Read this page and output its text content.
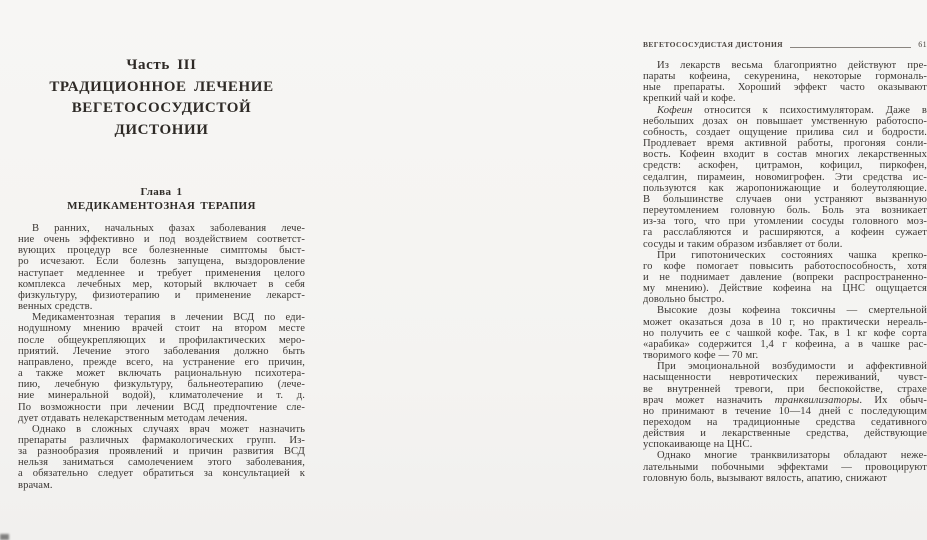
Часть III
ТРАДИЦИОННОЕ ЛЕЧЕНИЕ
ВЕГЕТОСОСУДИСТОЙ
ДИСТОНИИ
Глава 1
МЕДИКАМЕНТОЗНАЯ ТЕРАПИЯ
В ранних, начальных фазах заболевания лече-
ние очень эффективно и под воздействием соответст-
вующих процедур все болезненные симптомы быст-
ро исчезают. Если болезнь запущена, выздоровление
наступает медленнее и требует применения целого
комплекса лечебных мер, который включает в себя
физкультуру, физиотерапию и применение лекарст-
венных средств.
Медикаментозная терапия в лечении ВСД по еди-
нодушному мнению врачей стоит на втором месте
после общеукрепляющих и профилактических меро-
приятий. Лечение этого заболевания должно быть
направлено, прежде всего, на устранение его причин,
а также может включать рациональную психотера-
пию, лечебную физкультуру, бальнеотерапию (лече-
ние минеральной водой), климатолечение и т. д.
По возможности при лечении ВСД предпочтение сле-
дует отдавать нелекарственным методам лечения.
Однако в сложных случаях врач может назначить
препараты различных фармакологических групп. Из-
за разнообразия проявлений и причин развития ВСД
нельзя заниматься самолечением этого заболевания,
а обязательно следует обратиться за консультацией к
врачам.
ВЕГЕТОСОСУДИСТАЯ ДИСТОНИЯ	61
Из лекарств весьма благоприятно действуют пре-
параты кофеина, секуренина, некоторые гормональ-
ные препараты. Хороший эффект часто оказывают
крепкий чай и кофе.
Кофеин относится к психостимуляторам. Даже в
небольших дозах он повышает умственную работоспо-
собность, создает ощущение прилива сил и бодрости.
Продлевает время активной работы, прогоняя сонли-
вость. Кофеин входит в состав многих лекарственных
средств: аскофен, цитрамон, кофицил, пиркофен,
седалгин, пирамеин, новомигрофен. Эти средства ис-
пользуются как жаропонижающие и болеутоляющие.
В большинстве случаев они устраняют вызванную
переутомлением головную боль. Боль эта возникает
из-за того, что при утомлении сосуды головного моз-
га расслабляются и расширяются, а кофеин сужает
сосуды и таким образом избавляет от боли.
При гипотонических состояниях чашка крепко-
го кофе помогает повысить работоспособность, хотя
и не поднимает давление (вопреки распространенно-
му мнению). Действие кофеина на ЦНС ощущается
довольно быстро.
Высокие дозы кофеина токсичны — смертельной
может оказаться доза в 10 г, но практически нереаль-
но получить ее с чашкой кофе. Так, в 1 кг кофе сорта
«арабика» содержится 1,4 г кофеина, а в чашке рас-
творимого кофе — 70 мг.
При эмоциональной возбудимости и аффективной
насыщенности невротических переживаний, чувст-
ве внутренней тревоги, при беспокойстве, страхе
врач может назначить транквилизаторы. Их обыч-
но принимают в течение 10—14 дней с последующим
переходом на традиционные средства седативного
действия и лекарственные средства, действующие
успокаивающе на ЦНС.
Однако многие транквилизаторы обладают неже-
лательными побочными эффектами — провоцируют
головную боль, вызывают вялость, апатию, снижают
